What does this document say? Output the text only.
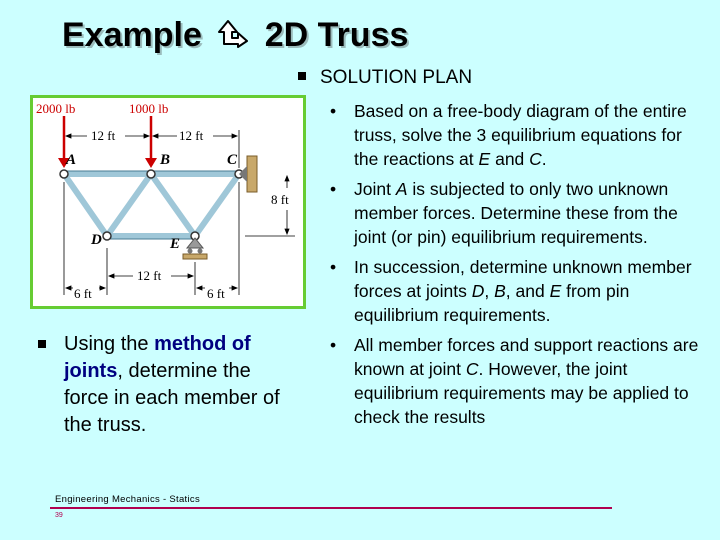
Example 2D Truss
SOLUTION PLAN
2000 lb	1000 lb
12 ft	12 ft
8 ft
A	B	C
D	E
12 ft
6 ft	6 ft
Using the method of joints, determine the force in each member of the truss.
• Based on a free-body diagram of the entire truss, solve the 3 equilibrium equations for the reactions at E and C.
• Joint A is subjected to only two unknown member forces. Determine these from the joint (or pin) equilibrium requirements.
• In succession, determine unknown member forces at joints D, B, and E from pin equilibrium requirements.
• All member forces and support reactions are known at joint C. However, the joint equilibrium requirements may be applied to check the results
Engineering Mechanics - Statics
39
